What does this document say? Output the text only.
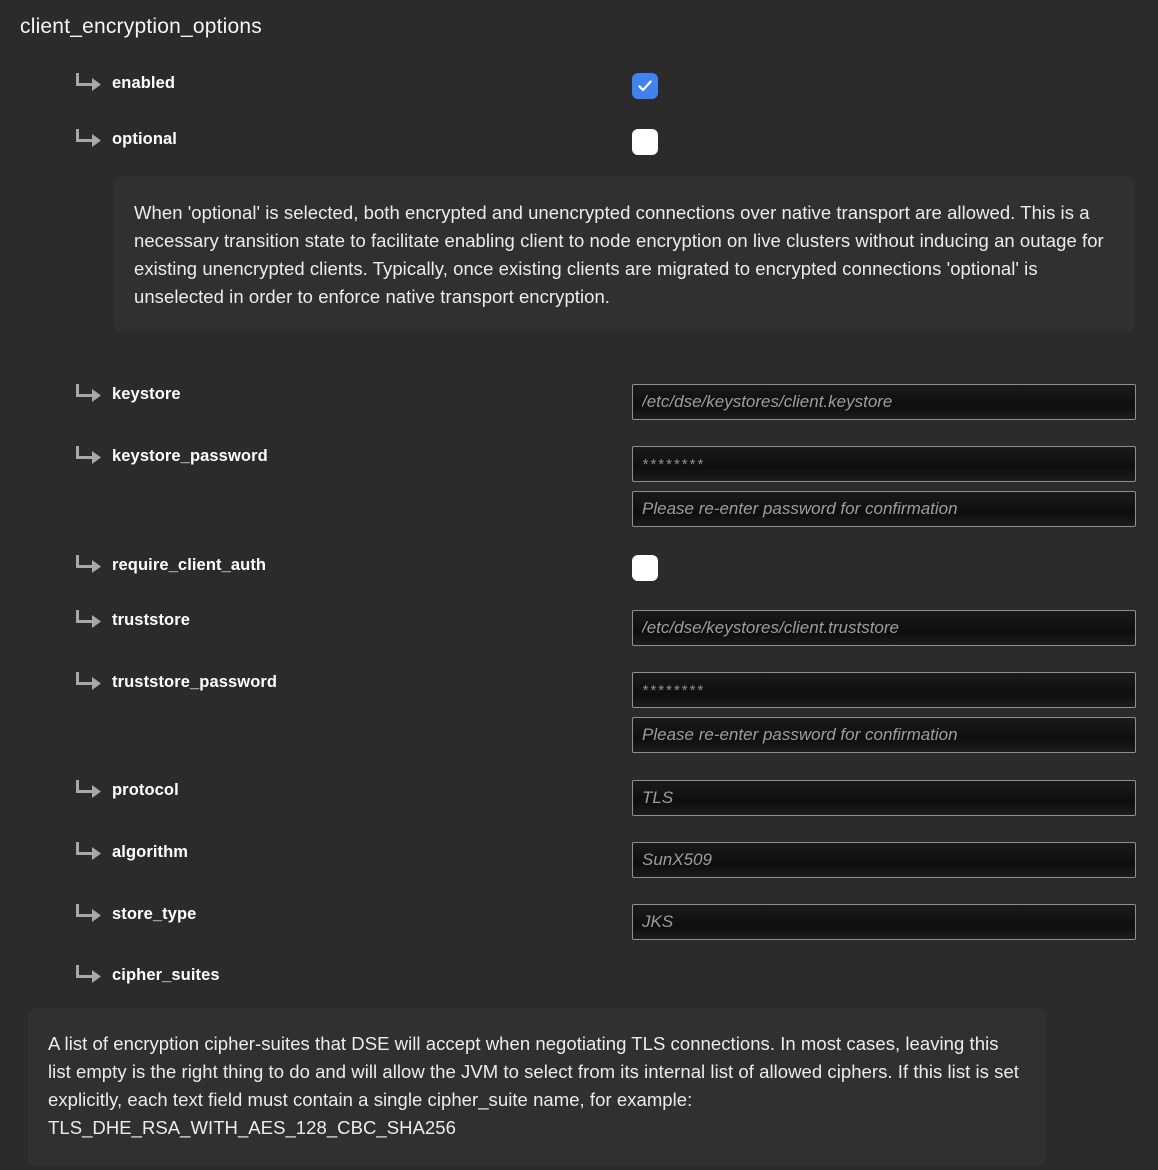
client_encryption_options
enabled
optional

When 'optional' is selected, both encrypted and unencrypted connections over native transport are allowed. This is a necessary transition state to facilitate enabling client to node encryption on live clusters without inducing an outage for existing unencrypted clients. Typically, once existing clients are migrated to encrypted connections 'optional' is unselected in order to enforce native transport encryption.

keystore
/etc/dse/keystores/client.keystore
keystore_password
********
Please re-enter password for confirmation
require_client_auth
truststore
/etc/dse/keystores/client.truststore
truststore_password
********
Please re-enter password for confirmation
protocol
TLS
algorithm
SunX509
store_type
JKS
cipher_suites

A list of encryption cipher-suites that DSE will accept when negotiating TLS connections. In most cases, leaving this list empty is the right thing to do and will allow the JVM to select from its internal list of allowed ciphers. If this list is set explicitly, each text field must contain a single cipher_suite name, for example: TLS_DHE_RSA_WITH_AES_128_CBC_SHA256
